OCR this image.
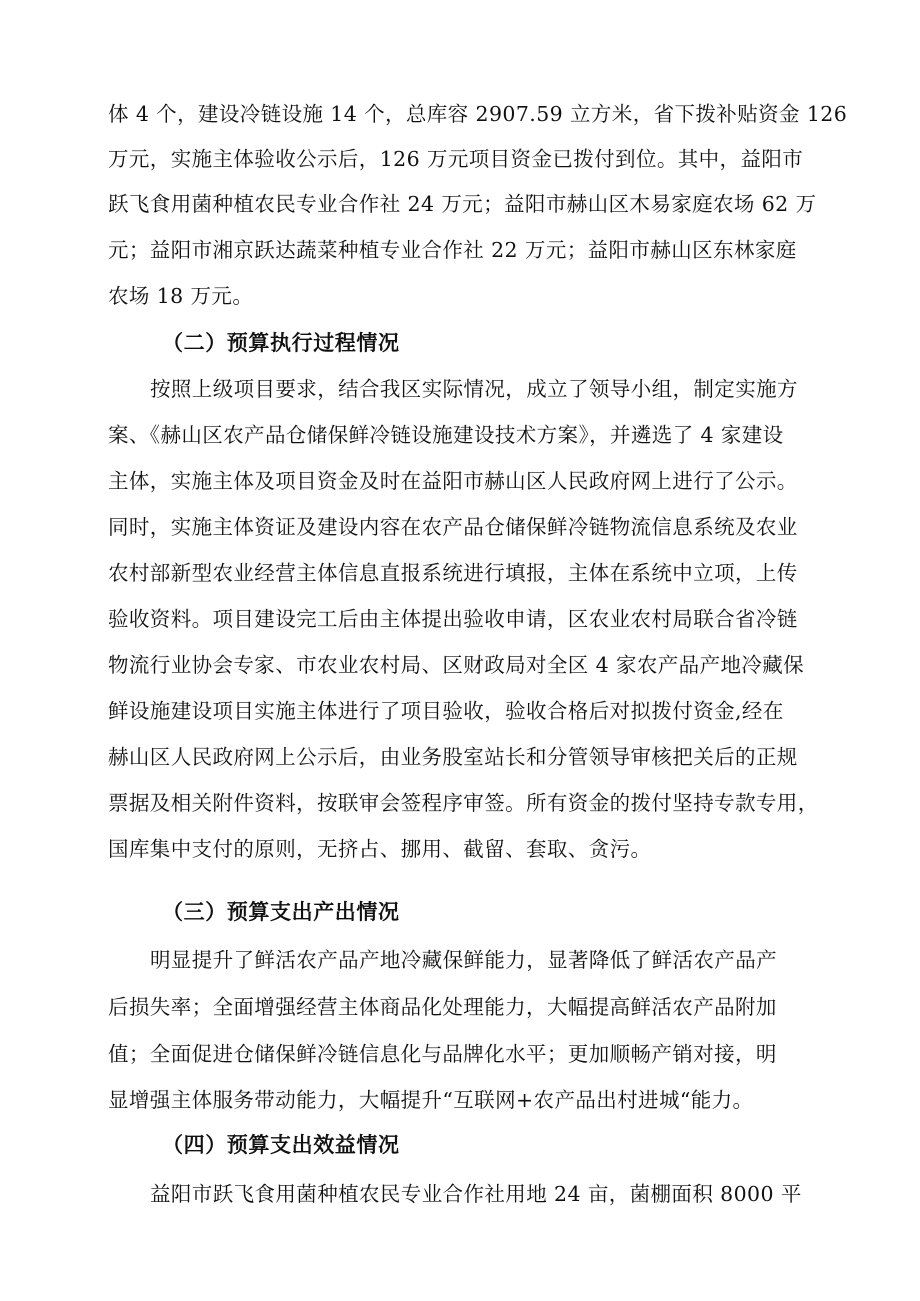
体 4 个，建设冷链设施 14 个，总库容 2907.59 立方米，省下拨补贴资金 126
万元，实施主体验收公示后，126 万元项目资金已拨付到位。其中，益阳市
跃飞食用菌种植农民专业合作社 24 万元；益阳市赫山区木易家庭农场 62 万
元；益阳市湘京跃达蔬菜种植专业合作社 22 万元；益阳市赫山区东林家庭
农场 18 万元。
（二）预算执行过程情况
按照上级项目要求，结合我区实际情况，成立了领导小组，制定实施方
案、《赫山区农产品仓储保鲜冷链设施建设技术方案》，并遴选了 4 家建设
主体，实施主体及项目资金及时在益阳市赫山区人民政府网上进行了公示。
同时，实施主体资证及建设内容在农产品仓储保鲜冷链物流信息系统及农业
农村部新型农业经营主体信息直报系统进行填报，主体在系统中立项，上传
验收资料。项目建设完工后由主体提出验收申请，区农业农村局联合省冷链
物流行业协会专家、市农业农村局、区财政局对全区 4 家农产品产地冷藏保
鲜设施建设项目实施主体进行了项目验收，验收合格后对拟拨付资金,经在
赫山区人民政府网上公示后，由业务股室站长和分管领导审核把关后的正规
票据及相关附件资料，按联审会签程序审签。所有资金的拨付坚持专款专用，
国库集中支付的原则，无挤占、挪用、截留、套取、贪污。
（三）预算支出产出情况
明显提升了鲜活农产品产地冷藏保鲜能力，显著降低了鲜活农产品产
后损失率；全面增强经营主体商品化处理能力，大幅提高鲜活农产品附加
值；全面促进仓储保鲜冷链信息化与品牌化水平；更加顺畅产销对接，明
显增强主体服务带动能力，大幅提升“互联网+农产品出村进城“能力。
（四）预算支出效益情况
益阳市跃飞食用菌种植农民专业合作社用地 24 亩，菌棚面积 8000 平
